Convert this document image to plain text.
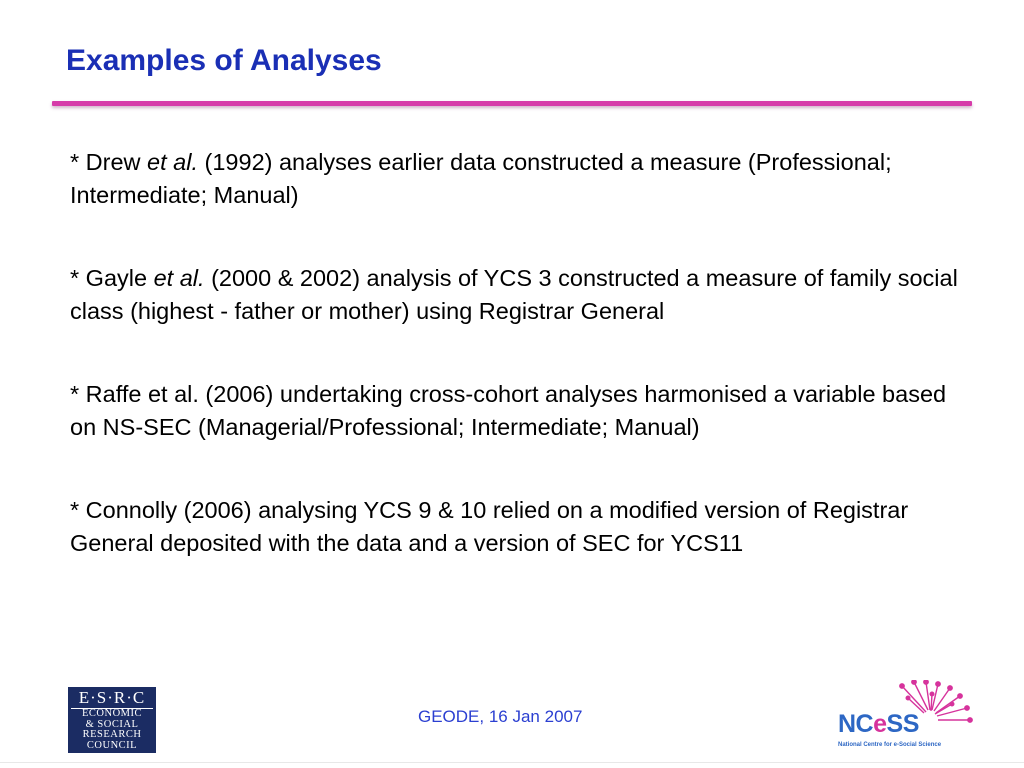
Examples of Analyses

* Drew et al. (1992) analyses earlier data constructed a measure (Professional; Intermediate; Manual)

* Gayle et al. (2000 & 2002) analysis of YCS 3 constructed a measure of family social class (highest - father or mother) using Registrar General

* Raffe et al. (2006) undertaking cross-cohort analyses harmonised a variable based on NS-SEC (Managerial/Professional; Intermediate; Manual)

* Connolly (2006) analysing YCS 9 & 10 relied on a modified version of Registrar General deposited with the data and a version of SEC for YCS11

E·S·R·C
ECONOMIC
& SOCIAL
RESEARCH
COUNCIL
GEODE, 16 Jan 2007	NCeSS
National Centre for e-Social Science
